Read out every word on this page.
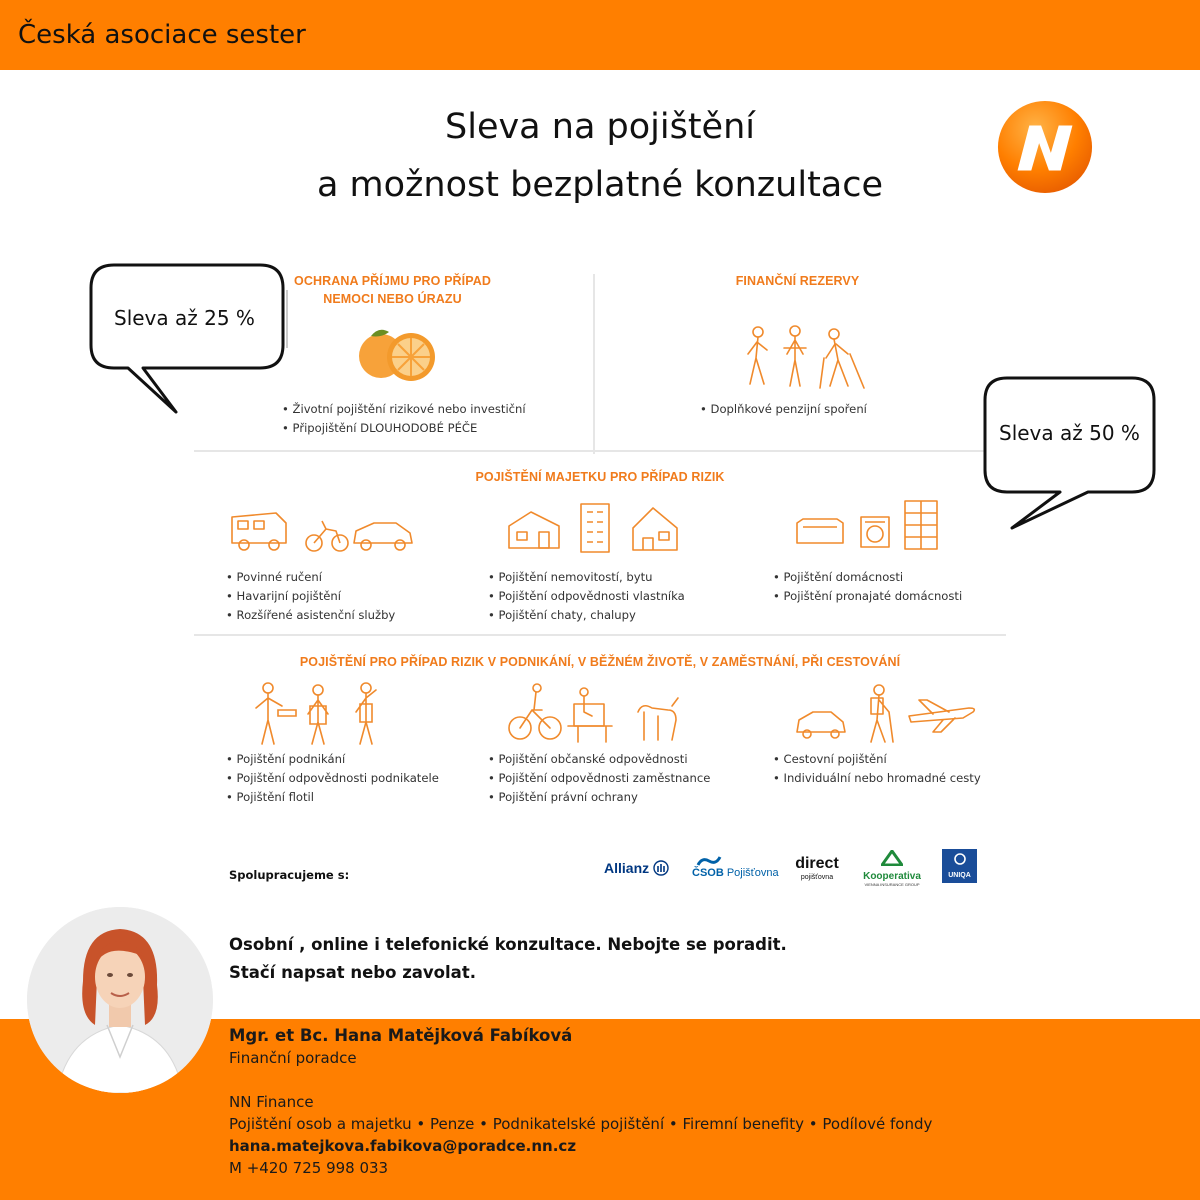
Česká asociace sester
Sleva na pojištění
a možnost bezplatné konzultace
OCHRANA PŘÍJMU PRO PŘÍPAD
NEMOCI NEBO ÚRAZU
• Životní pojištění rizikové nebo investiční
• Připojištění DLOUHODOBÉ PÉČE
FINANČNÍ REZERVY
• Doplňkové penzijní spoření
POJIŠTĚNÍ MAJETKU PRO PŘÍPAD RIZIK
• Povinné ručení
• Havarijní pojištění
• Rozšířené asistenční služby
• Pojištění nemovitostí, bytu
• Pojištění odpovědnosti vlastníka
• Pojištění chaty, chalupy
• Pojištění domácnosti
• Pojištění pronajaté domácnosti
POJIŠTĚNÍ PRO PŘÍPAD RIZIK V PODNIKÁNÍ, V BĚŽNÉM ŽIVOTĚ, V ZAMĚSTNÁNÍ, PŘI CESTOVÁNÍ
• Pojištění podnikání
• Pojištění odpovědnosti podnikatele
• Pojištění flotil
• Pojištění občanské odpovědnosti
• Pojištění odpovědnosti zaměstnance
• Pojištění právní ochrany
• Cestovní pojištění
• Individuální nebo hromadné cesty
Sleva až 25 %
Sleva až 50 %
Spolupracujeme s:	Allianz	ČSOB Pojišťovna
direct
pojišťovna	Kooperativa
VIENNA INSURANCE GROUP
UNIQA
Osobní , online i telefonické konzultace. Nebojte se poradit.
Stačí napsat nebo zavolat.
Mgr. et Bc. Hana Matějková Fabíková
Finanční poradce
NN Finance
Pojištění osob a majetku • Penze • Podnikatelské pojištění • Firemní benefity • Podílové fondy
hana.matejkova.fabikova@poradce.nn.cz
M +420 725 998 033
